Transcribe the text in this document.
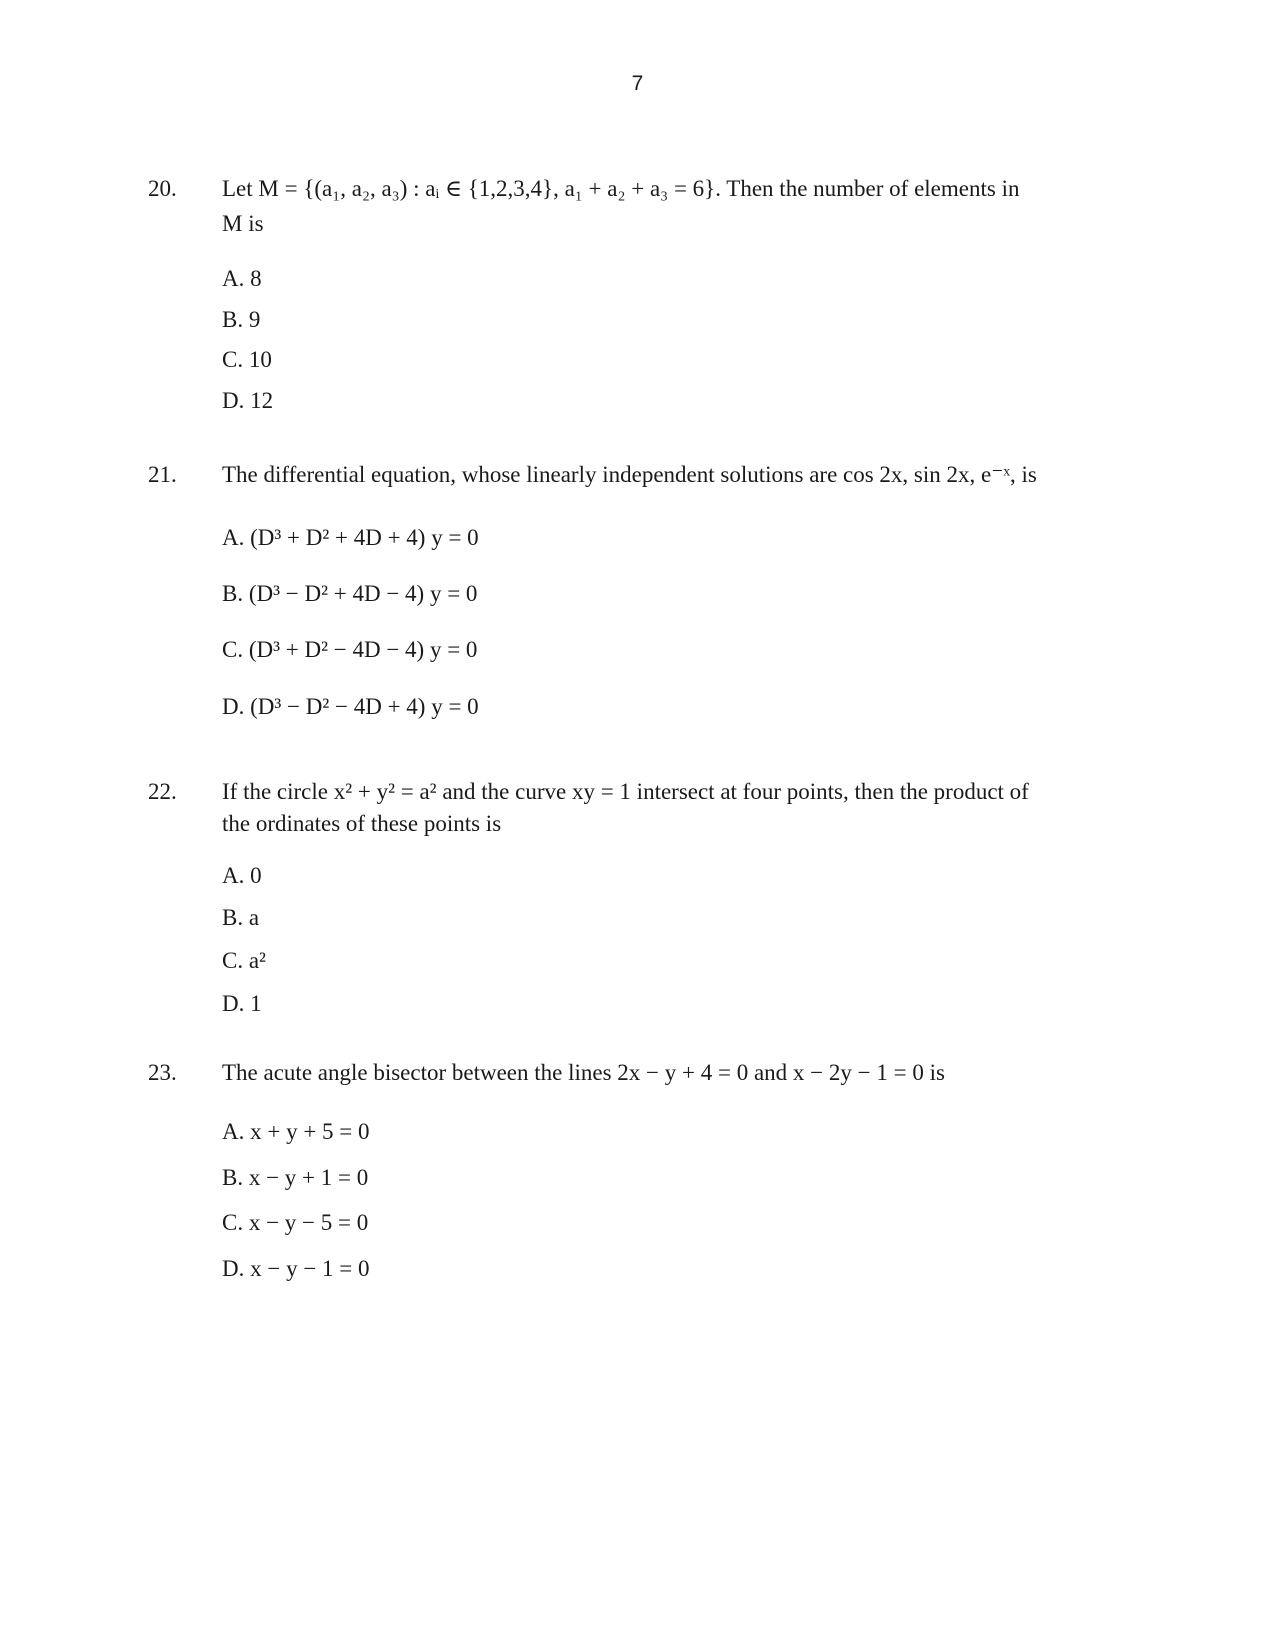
7
20. Let M = {(a₁, a₂, a₃) : aᵢ ∈ {1,2,3,4}, a₁ + a₂ + a₃ = 6}. Then the number of elements in
M is
A. 8
B. 9
C. 10
D. 12
21. The differential equation, whose linearly independent solutions are cos 2x, sin 2x, e⁻ˣ, is
A. (D³ + D² + 4D + 4) y = 0
B. (D³ − D² + 4D − 4) y = 0
C. (D³ + D² − 4D − 4) y = 0
D. (D³ − D² − 4D + 4) y = 0
22. If the circle x² + y² = a² and the curve xy = 1 intersect at four points, then the product of
the ordinates of these points is
A. 0
B. a
C. a²
D. 1
23. The acute angle bisector between the lines 2x − y + 4 = 0 and x − 2y − 1 = 0 is
A. x + y + 5 = 0
B. x − y + 1 = 0
C. x − y − 5 = 0
D. x − y − 1 = 0
